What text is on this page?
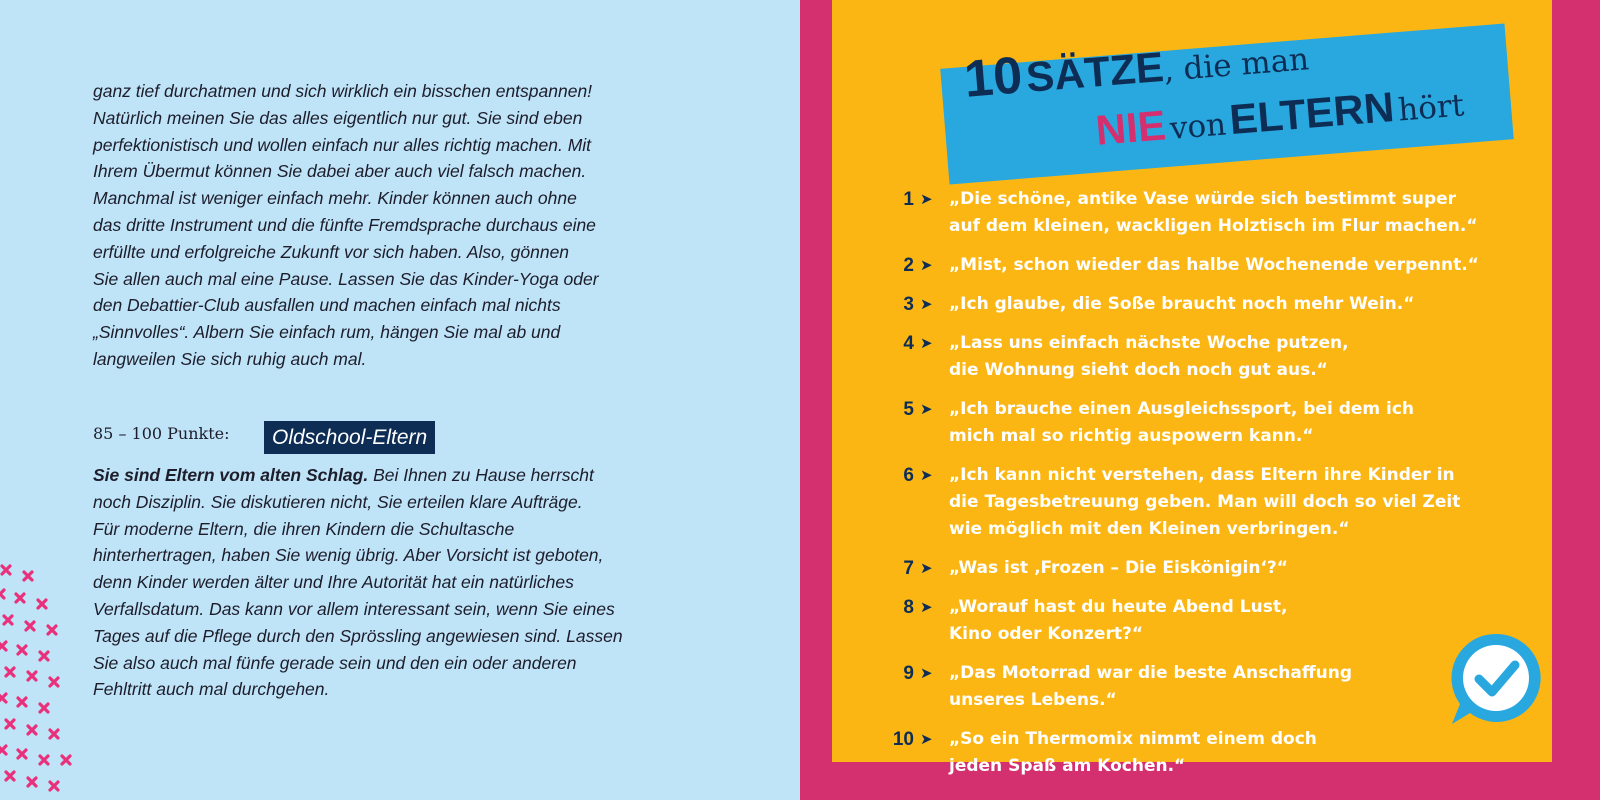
ganz tief durchatmen und sich wirklich ein bisschen entspannen!
Natürlich meinen Sie das alles eigentlich nur gut. Sie sind eben
perfektionistisch und wollen einfach nur alles richtig machen. Mit
Ihrem Übermut können Sie dabei aber auch viel falsch machen.
Manchmal ist weniger einfach mehr. Kinder können auch ohne
das dritte Instrument und die fünfte Fremdsprache durchaus eine
erfüllte und erfolgreiche Zukunft vor sich haben. Also, gönnen
Sie allen auch mal eine Pause. Lassen Sie das Kinder-Yoga oder
den Debattier-Club ausfallen und machen einfach mal nichts
„Sinnvolles“. Albern Sie einfach rum, hängen Sie mal ab und
langweilen Sie sich ruhig auch mal.

85 – 100 Punkte:	Oldschool-Eltern

Sie sind Eltern vom alten Schlag. Bei Ihnen zu Hause herrscht
noch Disziplin. Sie diskutieren nicht, Sie erteilen klare Aufträge.
Für moderne Eltern, die ihren Kindern die Schultasche
hinterhertragen, haben Sie wenig übrig. Aber Vorsicht ist geboten,
denn Kinder werden älter und Ihre Autorität hat ein natürliches
Verfallsdatum. Das kann vor allem interessant sein, wenn Sie eines
Tages auf die Pflege durch den Sprössling angewiesen sind. Lassen
Sie also auch mal fünfe gerade sein und den ein oder anderen
Fehltritt auch mal durchgehen.

10 SÄTZE, die man
NIE von ELTERN hört
1 ➤ „Die schöne, antike Vase würde sich bestimmt super
auf dem kleinen, wackligen Holztisch im Flur machen.“
2 ➤ „Mist, schon wieder das halbe Wochenende verpennt.“
3 ➤ „Ich glaube, die Soße braucht noch mehr Wein.“
4 ➤ „Lass uns einfach nächste Woche putzen,
die Wohnung sieht doch noch gut aus.“
5 ➤ „Ich brauche einen Ausgleichssport, bei dem ich
mich mal so richtig auspowern kann.“
6 ➤ „Ich kann nicht verstehen, dass Eltern ihre Kinder in
die Tagesbetreuung geben. Man will doch so viel Zeit
wie möglich mit den Kleinen verbringen.“
7 ➤ „Was ist ‚Frozen – Die Eiskönigin‘?“
8 ➤ „Worauf hast du heute Abend Lust,
Kino oder Konzert?“
9 ➤ „Das Motorrad war die beste Anschaffung
unseres Lebens.“
10 ➤ „So ein Thermomix nimmt einem doch
jeden Spaß am Kochen.“
